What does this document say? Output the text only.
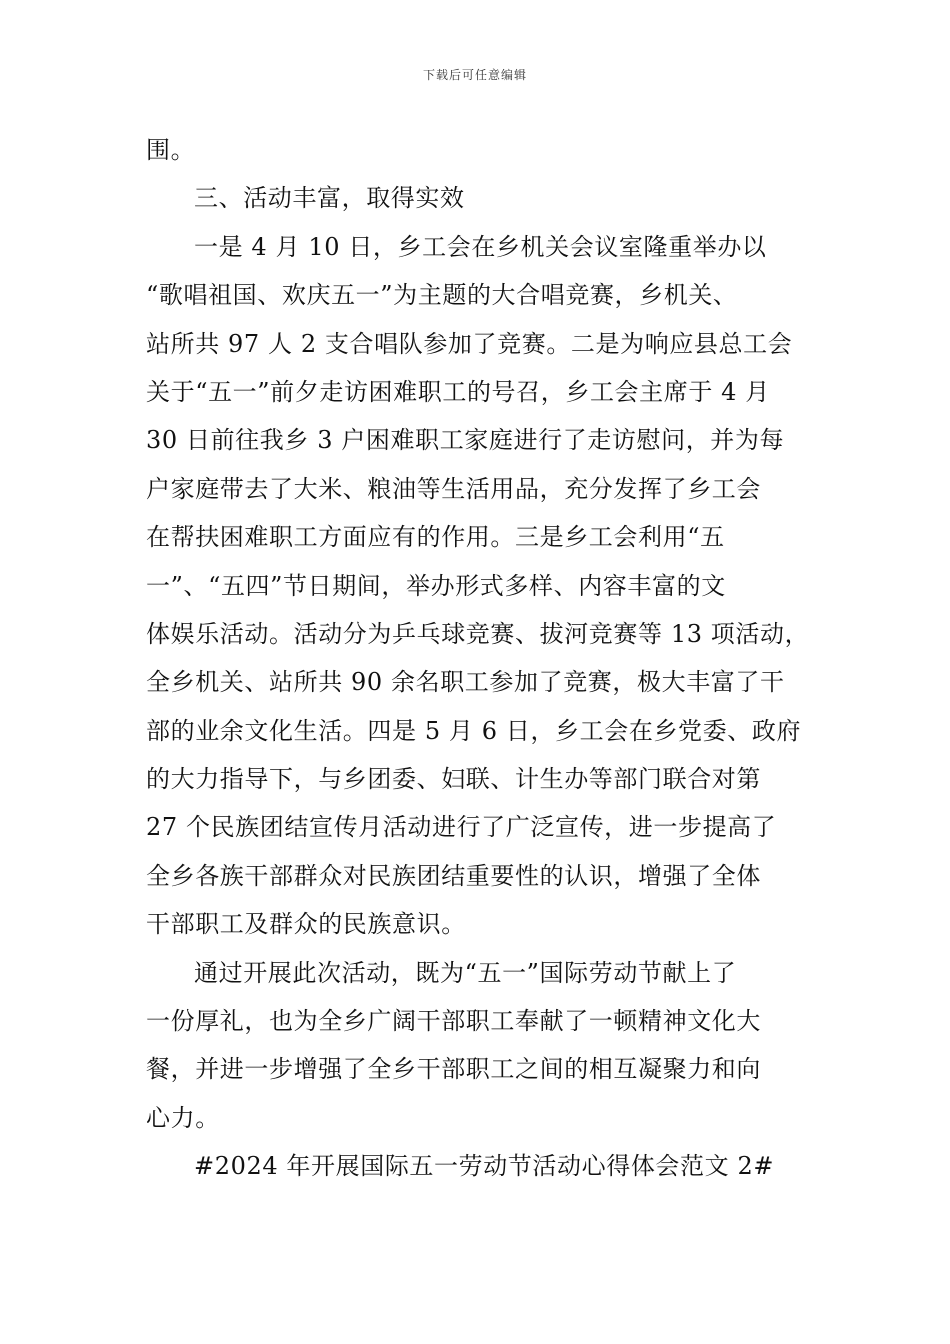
下载后可任意编辑
围。
三、活动丰富，取得实效
一是 4 月 10 日，乡工会在乡机关会议室隆重举办以
“歌唱祖国、欢庆五一”为主题的大合唱竞赛，乡机关、
站所共 97 人 2 支合唱队参加了竞赛。二是为响应县总工会
关于“五一”前夕走访困难职工的号召，乡工会主席于 4 月
30 日前往我乡 3 户困难职工家庭进行了走访慰问，并为每
户家庭带去了大米、粮油等生活用品，充分发挥了乡工会
在帮扶困难职工方面应有的作用。三是乡工会利用“五
一”、“五四”节日期间，举办形式多样、内容丰富的文
体娱乐活动。活动分为乒乓球竞赛、拔河竞赛等 13 项活动，
全乡机关、站所共 90 余名职工参加了竞赛，极大丰富了干
部的业余文化生活。四是 5 月 6 日，乡工会在乡党委、政府
的大力指导下，与乡团委、妇联、计生办等部门联合对第
27 个民族团结宣传月活动进行了广泛宣传，进一步提高了
全乡各族干部群众对民族团结重要性的认识，增强了全体
干部职工及群众的民族意识。
通过开展此次活动，既为“五一”国际劳动节献上了
一份厚礼，也为全乡广阔干部职工奉献了一顿精神文化大
餐，并进一步增强了全乡干部职工之间的相互凝聚力和向
心力。
#2024 年开展国际五一劳动节活动心得体会范文 2#
